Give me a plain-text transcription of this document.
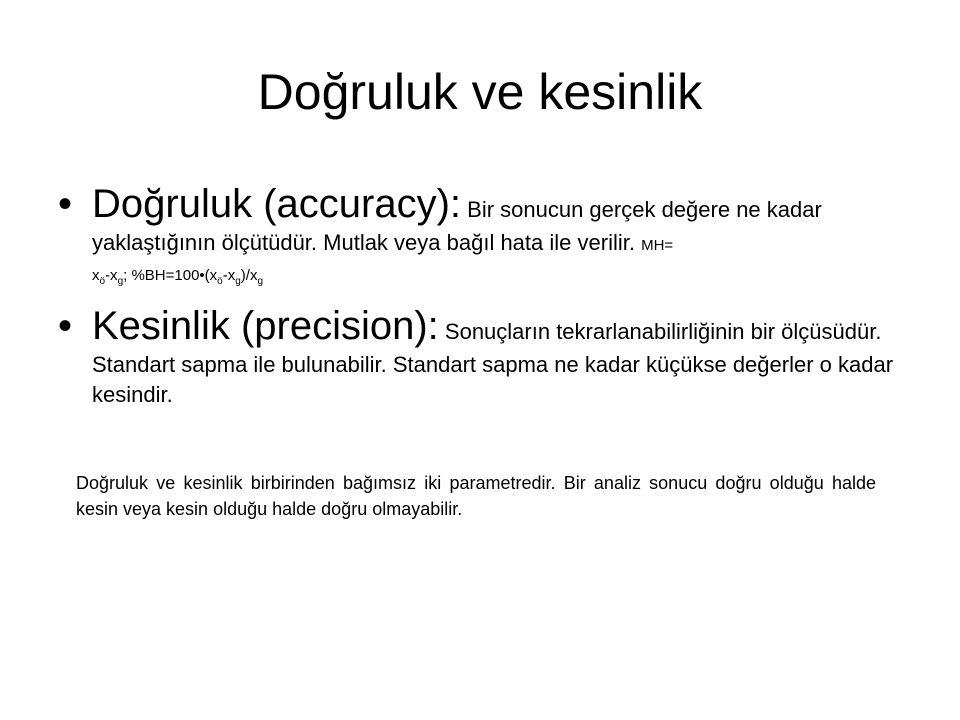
Doğruluk ve kesinlik
• Doğruluk (accuracy): Bir sonucun gerçek değere ne kadar yaklaştığının ölçütüdür. Mutlak veya bağıl hata ile verilir. MH=
$x_ö-x_g$; $\%BH=100•(x_ö-x_g)/x_g$
• Kesinlik (precision): Sonuçların tekrarlanabilirliğinin bir ölçüsüdür. Standart sapma ile bulunabilir. Standart sapma ne kadar küçükse değerler o kadar kesindir.

Doğruluk ve kesinlik birbirinden bağımsız iki parametredir. Bir analiz sonucu doğru olduğu halde kesin veya kesin olduğu halde doğru olmayabilir.
